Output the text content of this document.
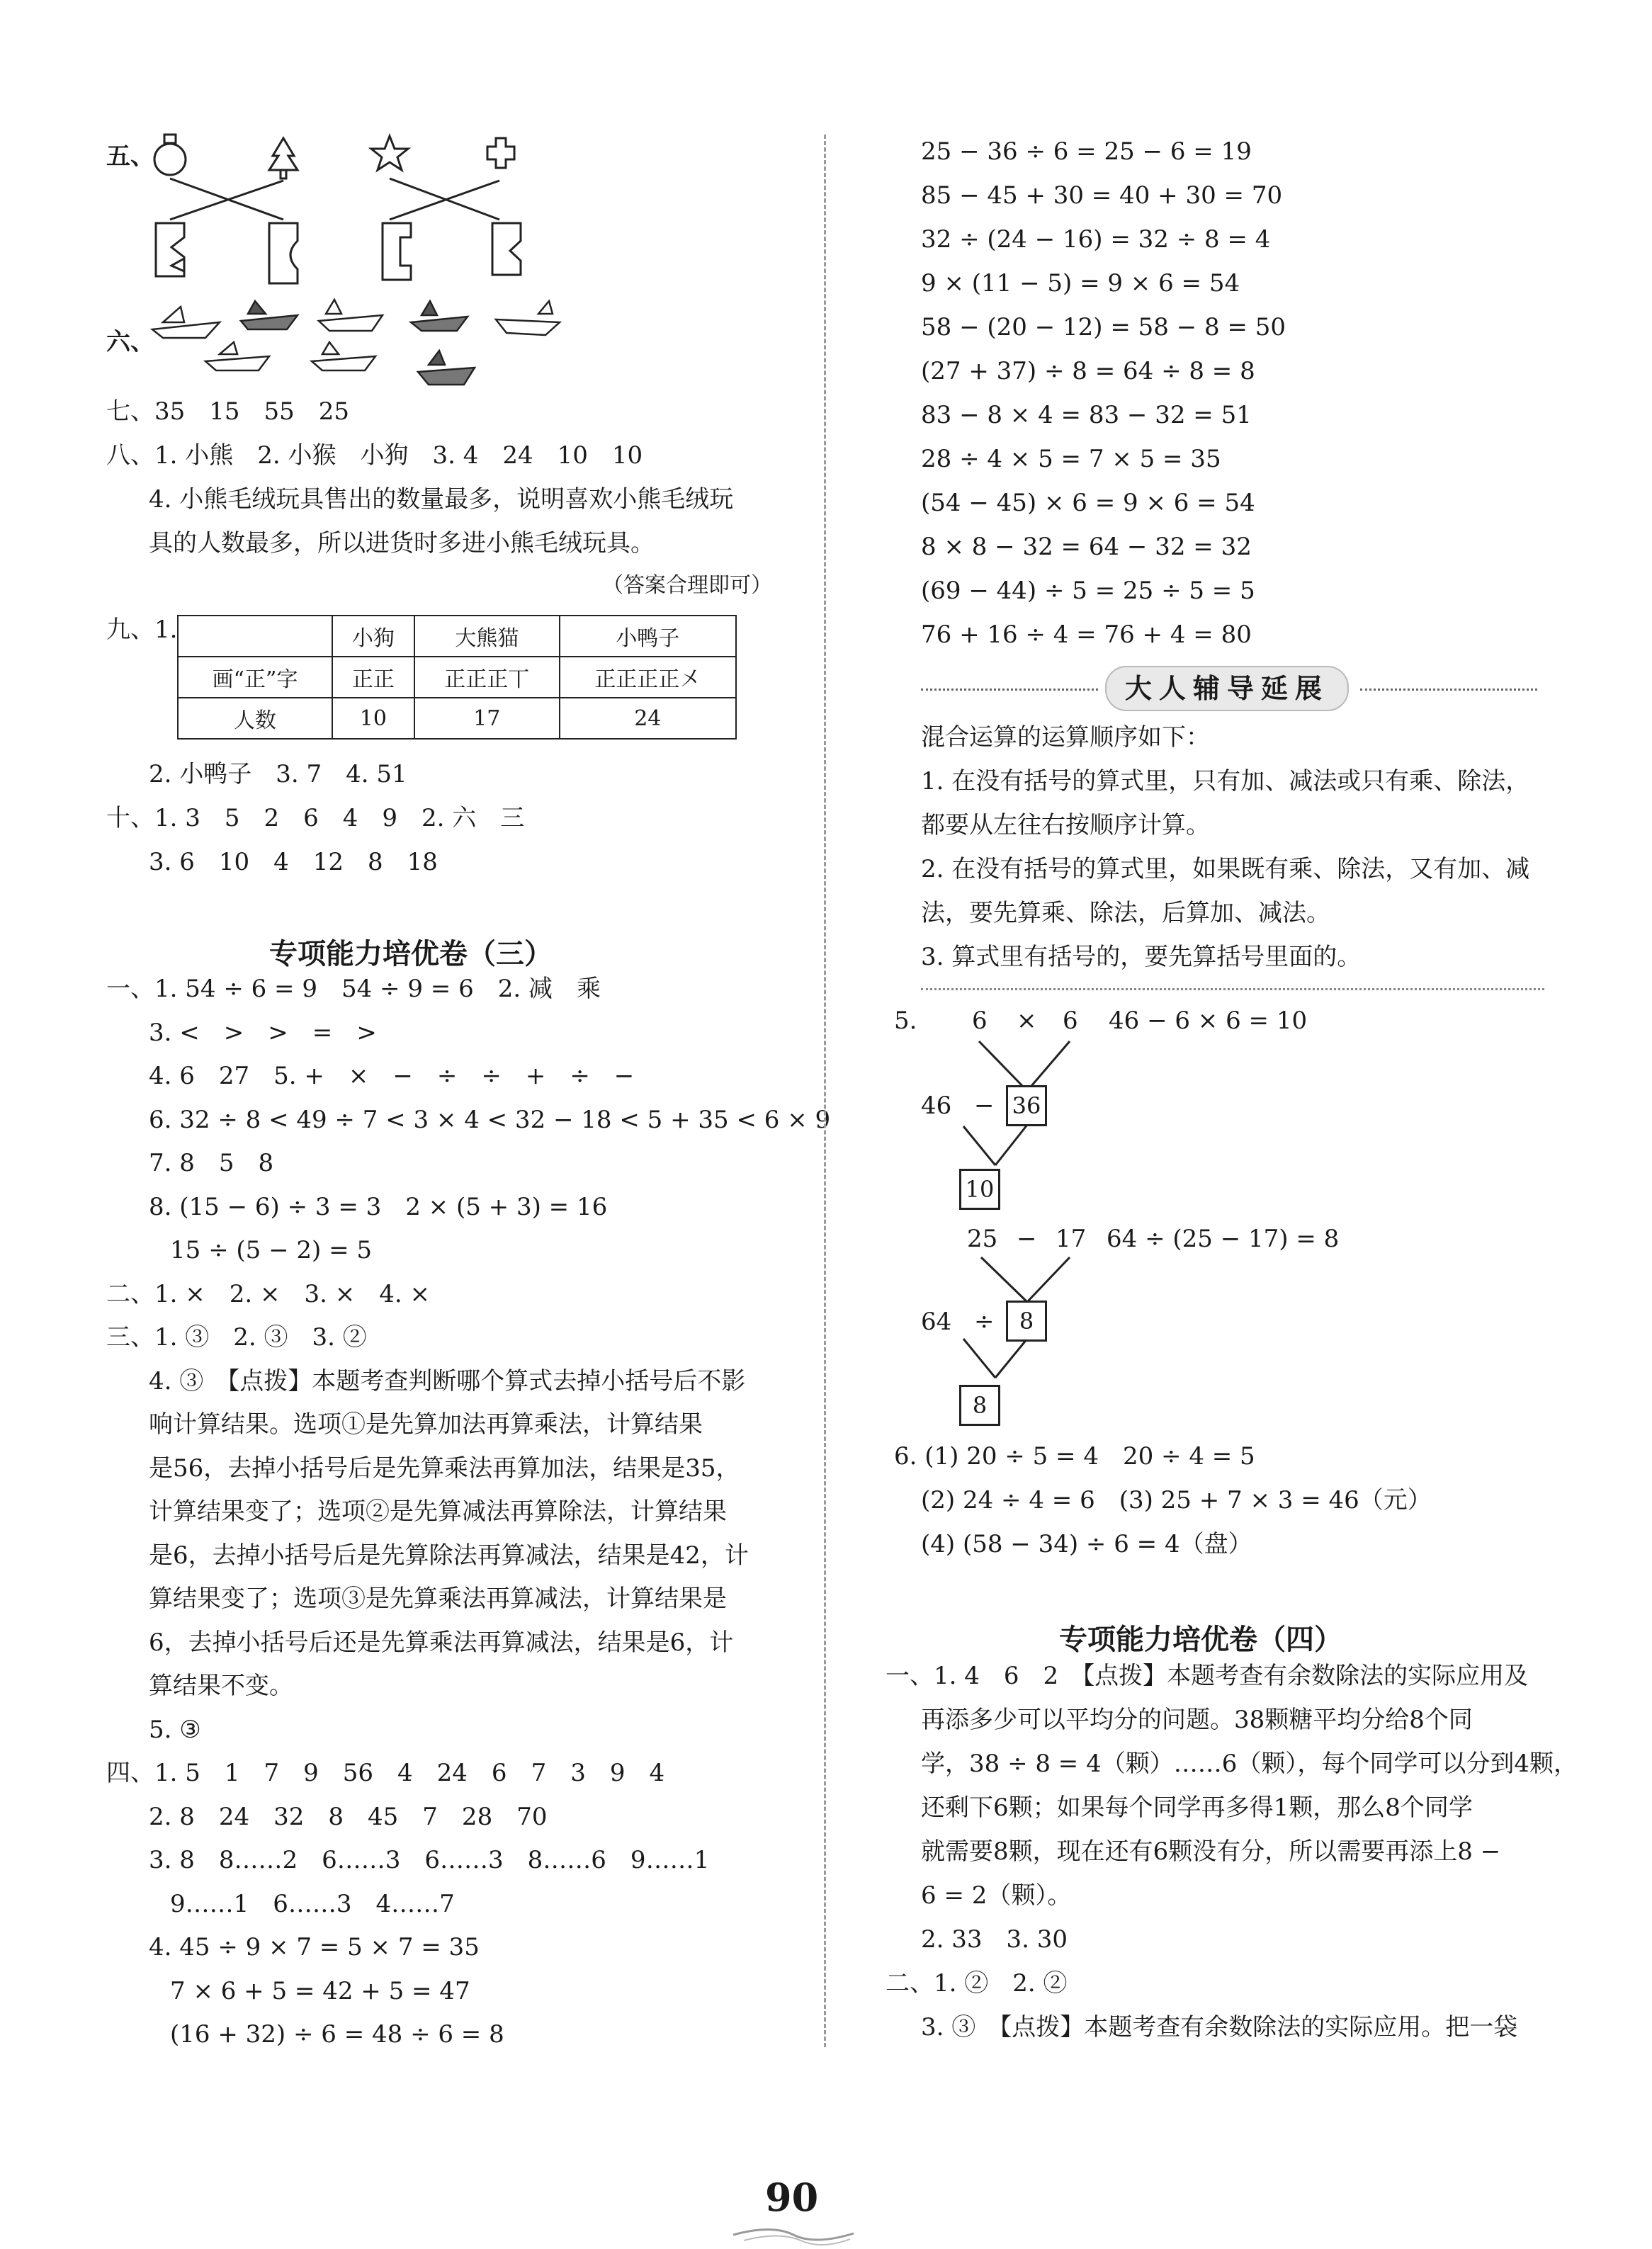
五、
六、
七、35　15　55　25
八、1. 小熊　2. 小猴　小狗　3. 4　24　10　10
4. 小熊毛绒玩具售出的数量最多，说明喜欢小熊毛绒玩
具的人数最多，所以进货时多进小熊毛绒玩具。
（答案合理即可）
九、1.
		小狗	大熊猫	小鸭子
画“正”字	正正	正正正丅	正正正正㐅
人数	10	17	24
2. 小鸭子　3. 7　4. 51
十、1. 3　5　2　6　4　9　2. 六　三
3. 6　10　4　12　8　18
专项能力培优卷（三）
一、1. 54 ÷ 6 = 9　54 ÷ 9 = 6　2. 减　乘
3. <　>　>　=　>
4. 6　27　5. +　×　−　÷　÷　+　÷　−
6. 32 ÷ 8 < 49 ÷ 7 < 3 × 4 < 32 − 18 < 5 + 35 < 6 × 9
7. 8　5　8
8. (15 − 6) ÷ 3 = 3　2 × (5 + 3) = 16
15 ÷ (5 − 2) = 5
二、1. ×　2. ×　3. ×　4. ×
三、1. ③　2. ③　3. ②
4. ③　【点拨】本题考查判断哪个算式去掉小括号后不影
响计算结果。选项①是先算加法再算乘法，计算结果
是56，去掉小括号后是先算乘法再算加法，结果是35，
计算结果变了；选项②是先算减法再算除法，计算结果
是6，去掉小括号后是先算除法再算减法，结果是42，计
算结果变了；选项③是先算乘法再算减法，计算结果是
6，去掉小括号后还是先算乘法再算减法，结果是6，计
算结果不变。
5. ③
四、1. 5　1　7　9　56　4　24　6　7　3　9　4
2. 8　24　32　8　45　7　28　70
3. 8　8……2　6……3　6……3　8……6　9……1
9……1　6……3　4……7
4. 45 ÷ 9 × 7 = 5 × 7 = 35
7 × 6 + 5 = 42 + 5 = 47
(16 + 32) ÷ 6 = 48 ÷ 6 = 8
25 − 36 ÷ 6 = 25 − 6 = 19
85 − 45 + 30 = 40 + 30 = 70
32 ÷ (24 − 16) = 32 ÷ 8 = 4
9 × (11 − 5) = 9 × 6 = 54
58 − (20 − 12) = 58 − 8 = 50
(27 + 37) ÷ 8 = 64 ÷ 8 = 8
83 − 8 × 4 = 83 − 32 = 51
28 ÷ 4 × 5 = 7 × 5 = 35
(54 − 45) × 6 = 9 × 6 = 54
8 × 8 − 32 = 64 − 32 = 32
(69 − 44) ÷ 5 = 25 ÷ 5 = 5
76 + 16 ÷ 4 = 76 + 4 = 80
大人辅导延展
混合运算的运算顺序如下：
1. 在没有括号的算式里，只有加、减法或只有乘、除法，
都要从左往右按顺序计算。
2. 在没有括号的算式里，如果既有乘、除法，又有加、减
法，要先算乘、除法，后算加、减法。
3. 算式里有括号的，要先算括号里面的。
5. 6 × 6 46 − 6 × 6 = 10
46 − 36
10
25 − 17 64 ÷ (25 − 17) = 8
64 ÷	8
8
6. (1) 20 ÷ 5 = 4　20 ÷ 4 = 5
(2) 24 ÷ 4 = 6　(3) 25 + 7 × 3 = 46（元）
(4) (58 − 34) ÷ 6 = 4（盘）
专项能力培优卷（四）
一、1. 4　6　2　【点拨】本题考查有余数除法的实际应用及
再添多少可以平均分的问题。38颗糖平均分给8个同
学，38 ÷ 8 = 4（颗）……6（颗），每个同学可以分到4颗，
还剩下6颗；如果每个同学再多得1颗，那么8个同学
就需要8颗，现在还有6颗没有分，所以需要再添上8 −
6 = 2（颗）。
2. 33　3. 30
二、1. ②　2. ②
3. ③　【点拨】本题考查有余数除法的实际应用。把一袋
90
